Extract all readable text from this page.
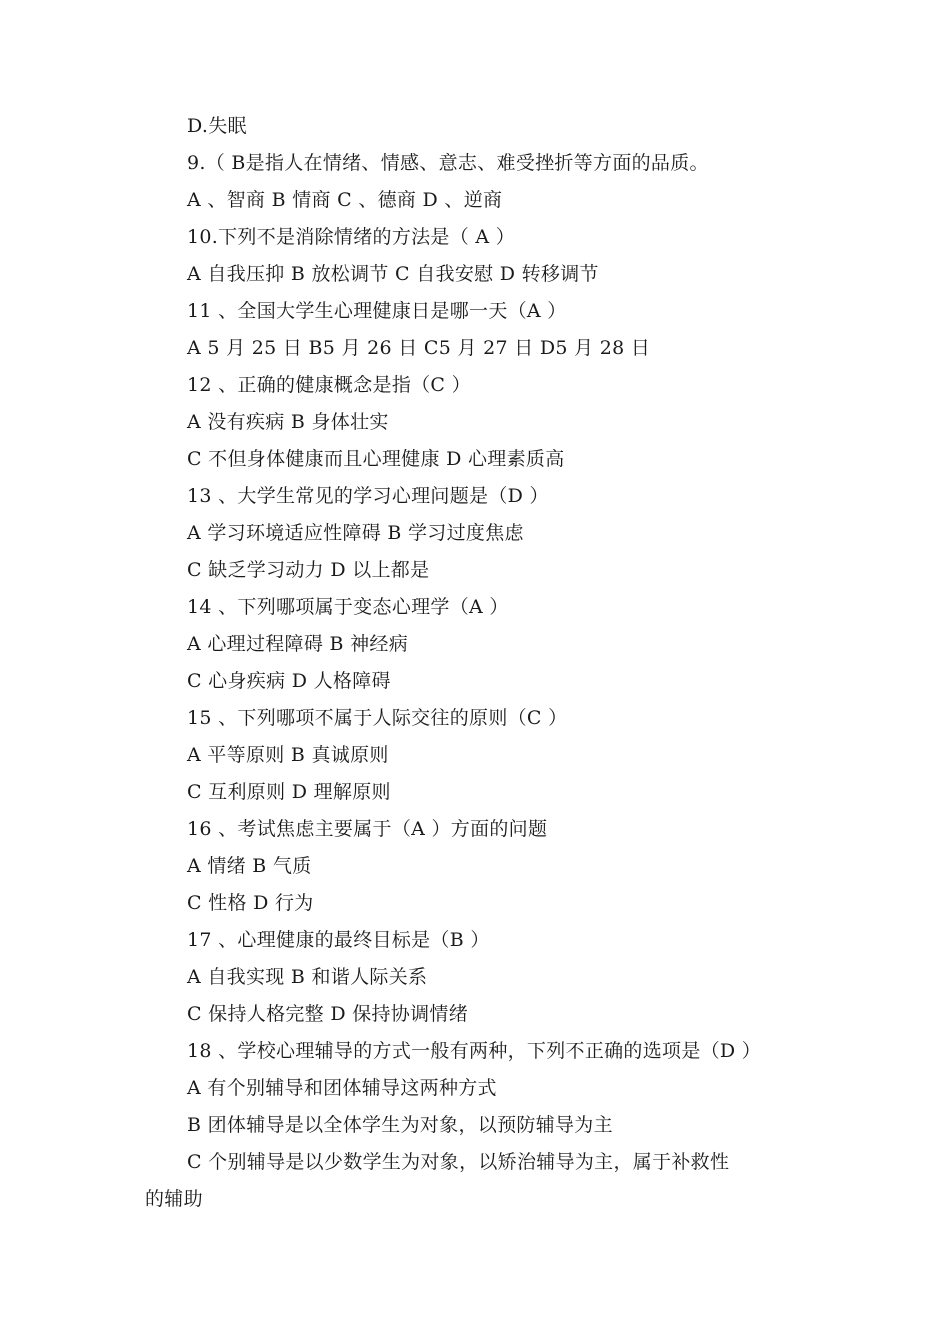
D.失眠
9.（ B是指人在情绪、情感、意志、难受挫折等方面的品质。
A 、智商 B 情商 C 、德商 D 、逆商
10.下列不是消除情绪的方法是（ A ）
A 自我压抑 B 放松调节 C 自我安慰 D 转移调节
11 、全国大学生心理健康日是哪一天（A ）
A 5 月 25 日 B5 月 26 日 C5 月 27 日 D5 月 28 日
12 、正确的健康概念是指（C ）
A 没有疾病 B 身体壮实
C 不但身体健康而且心理健康 D 心理素质高
13 、大学生常见的学习心理问题是（D ）
A 学习环境适应性障碍 B 学习过度焦虑
C 缺乏学习动力 D 以上都是
14 、下列哪项属于变态心理学（A ）
A 心理过程障碍 B 神经病
C 心身疾病 D 人格障碍
15 、下列哪项不属于人际交往的原则（C ）
A 平等原则 B 真诚原则
C 互利原则 D 理解原则
16 、考试焦虑主要属于（A ）方面的问题
A 情绪 B 气质
C 性格 D 行为
17 、心理健康的最终目标是（B ）
A 自我实现 B 和谐人际关系
C 保持人格完整 D 保持协调情绪
18 、学校心理辅导的方式一般有两种，下列不正确的选项是（D ）
A 有个别辅导和团体辅导这两种方式
B 团体辅导是以全体学生为对象，以预防辅导为主
C 个别辅导是以少数学生为对象，以矫治辅导为主，属于补救性
的辅助
